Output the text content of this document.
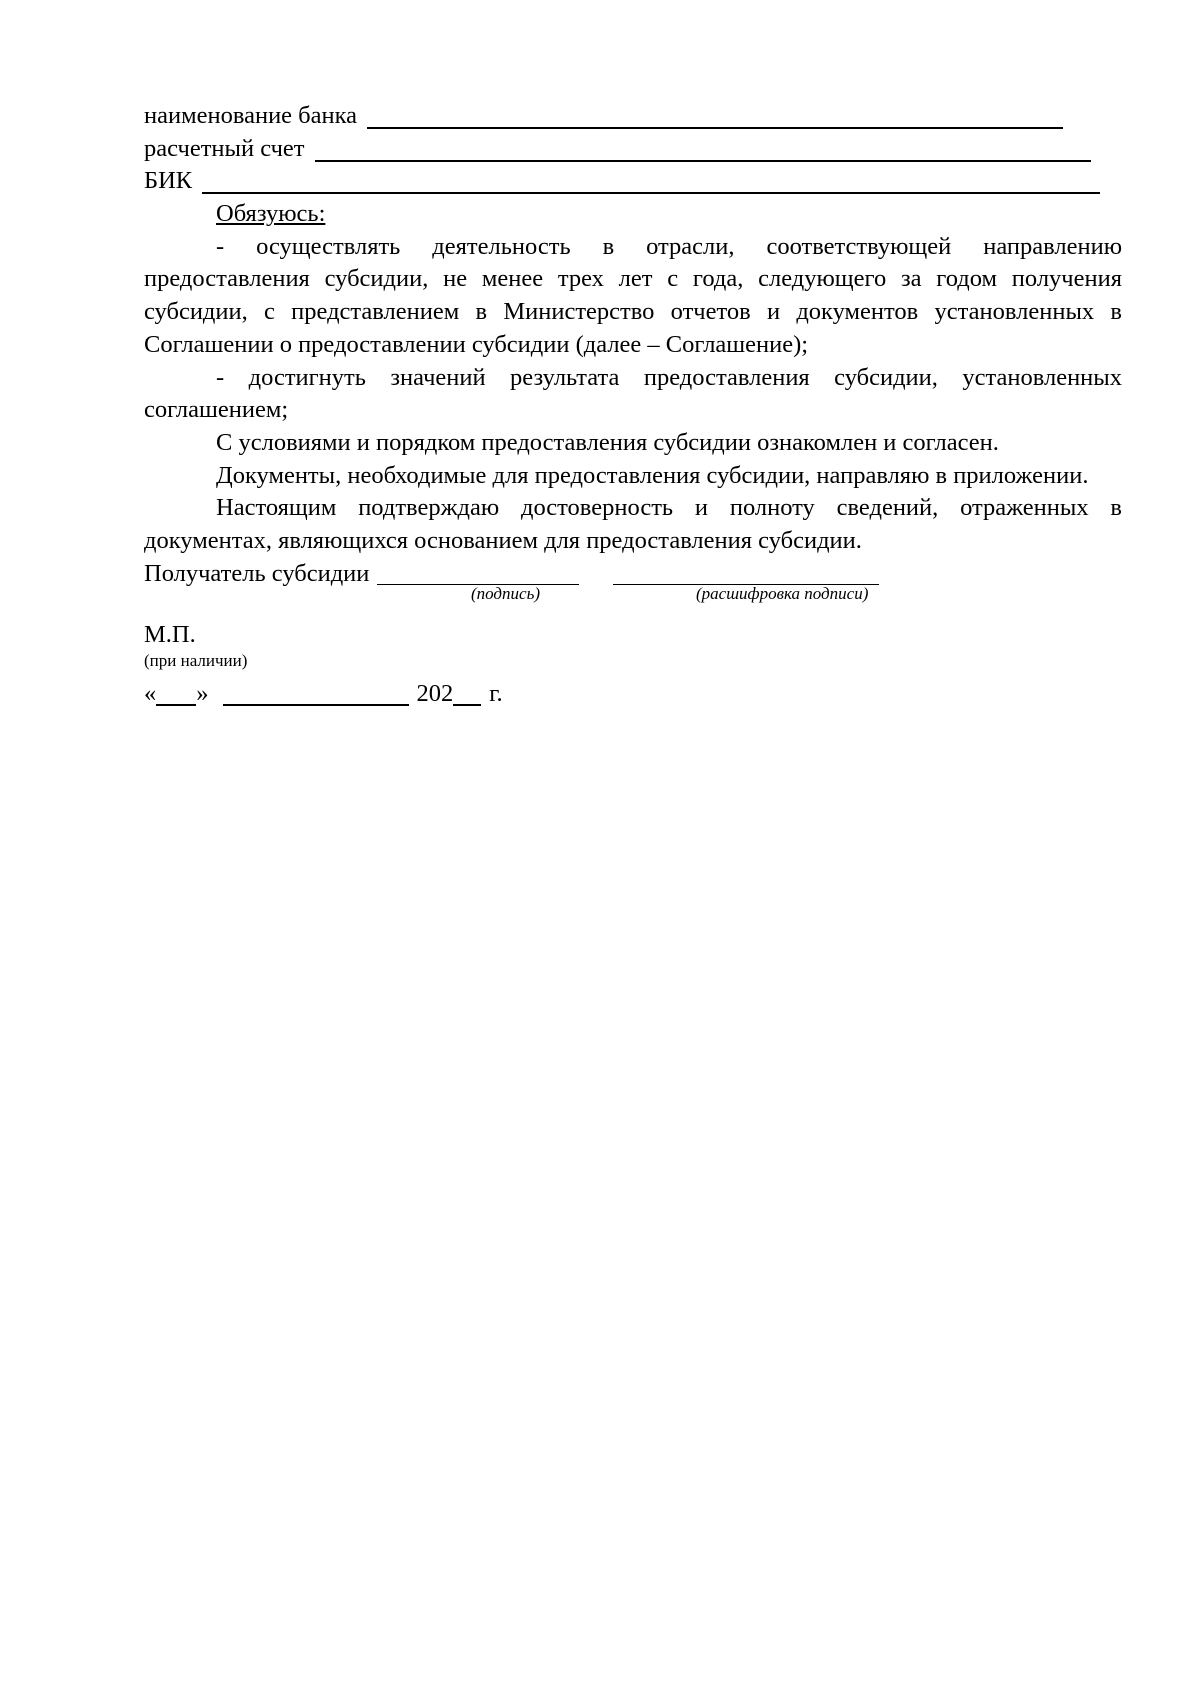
наименование банка
расчетный счет
БИК

Обязуюсь:

- осуществлять деятельность в отрасли, соответствующей направлению предоставления субсидии, не менее трех лет с года, следующего за годом получения субсидии, с представлением в Министерство отчетов и документов установленных в Соглашении о предоставлении субсидии (далее – Соглашение);

- достигнуть значений результата предоставления субсидии, установленных соглашением;

С условиями и порядком предоставления субсидии ознакомлен и согласен.

Документы, необходимые для предоставления субсидии, направляю в приложении.

Настоящим подтверждаю достоверность и полноту сведений, отраженных в документах, являющихся основанием для предоставления субсидии.

Получатель субсидии
(подпись)	(расшифровка подписи)
М.П.
(при наличии)
« »	202 г.
